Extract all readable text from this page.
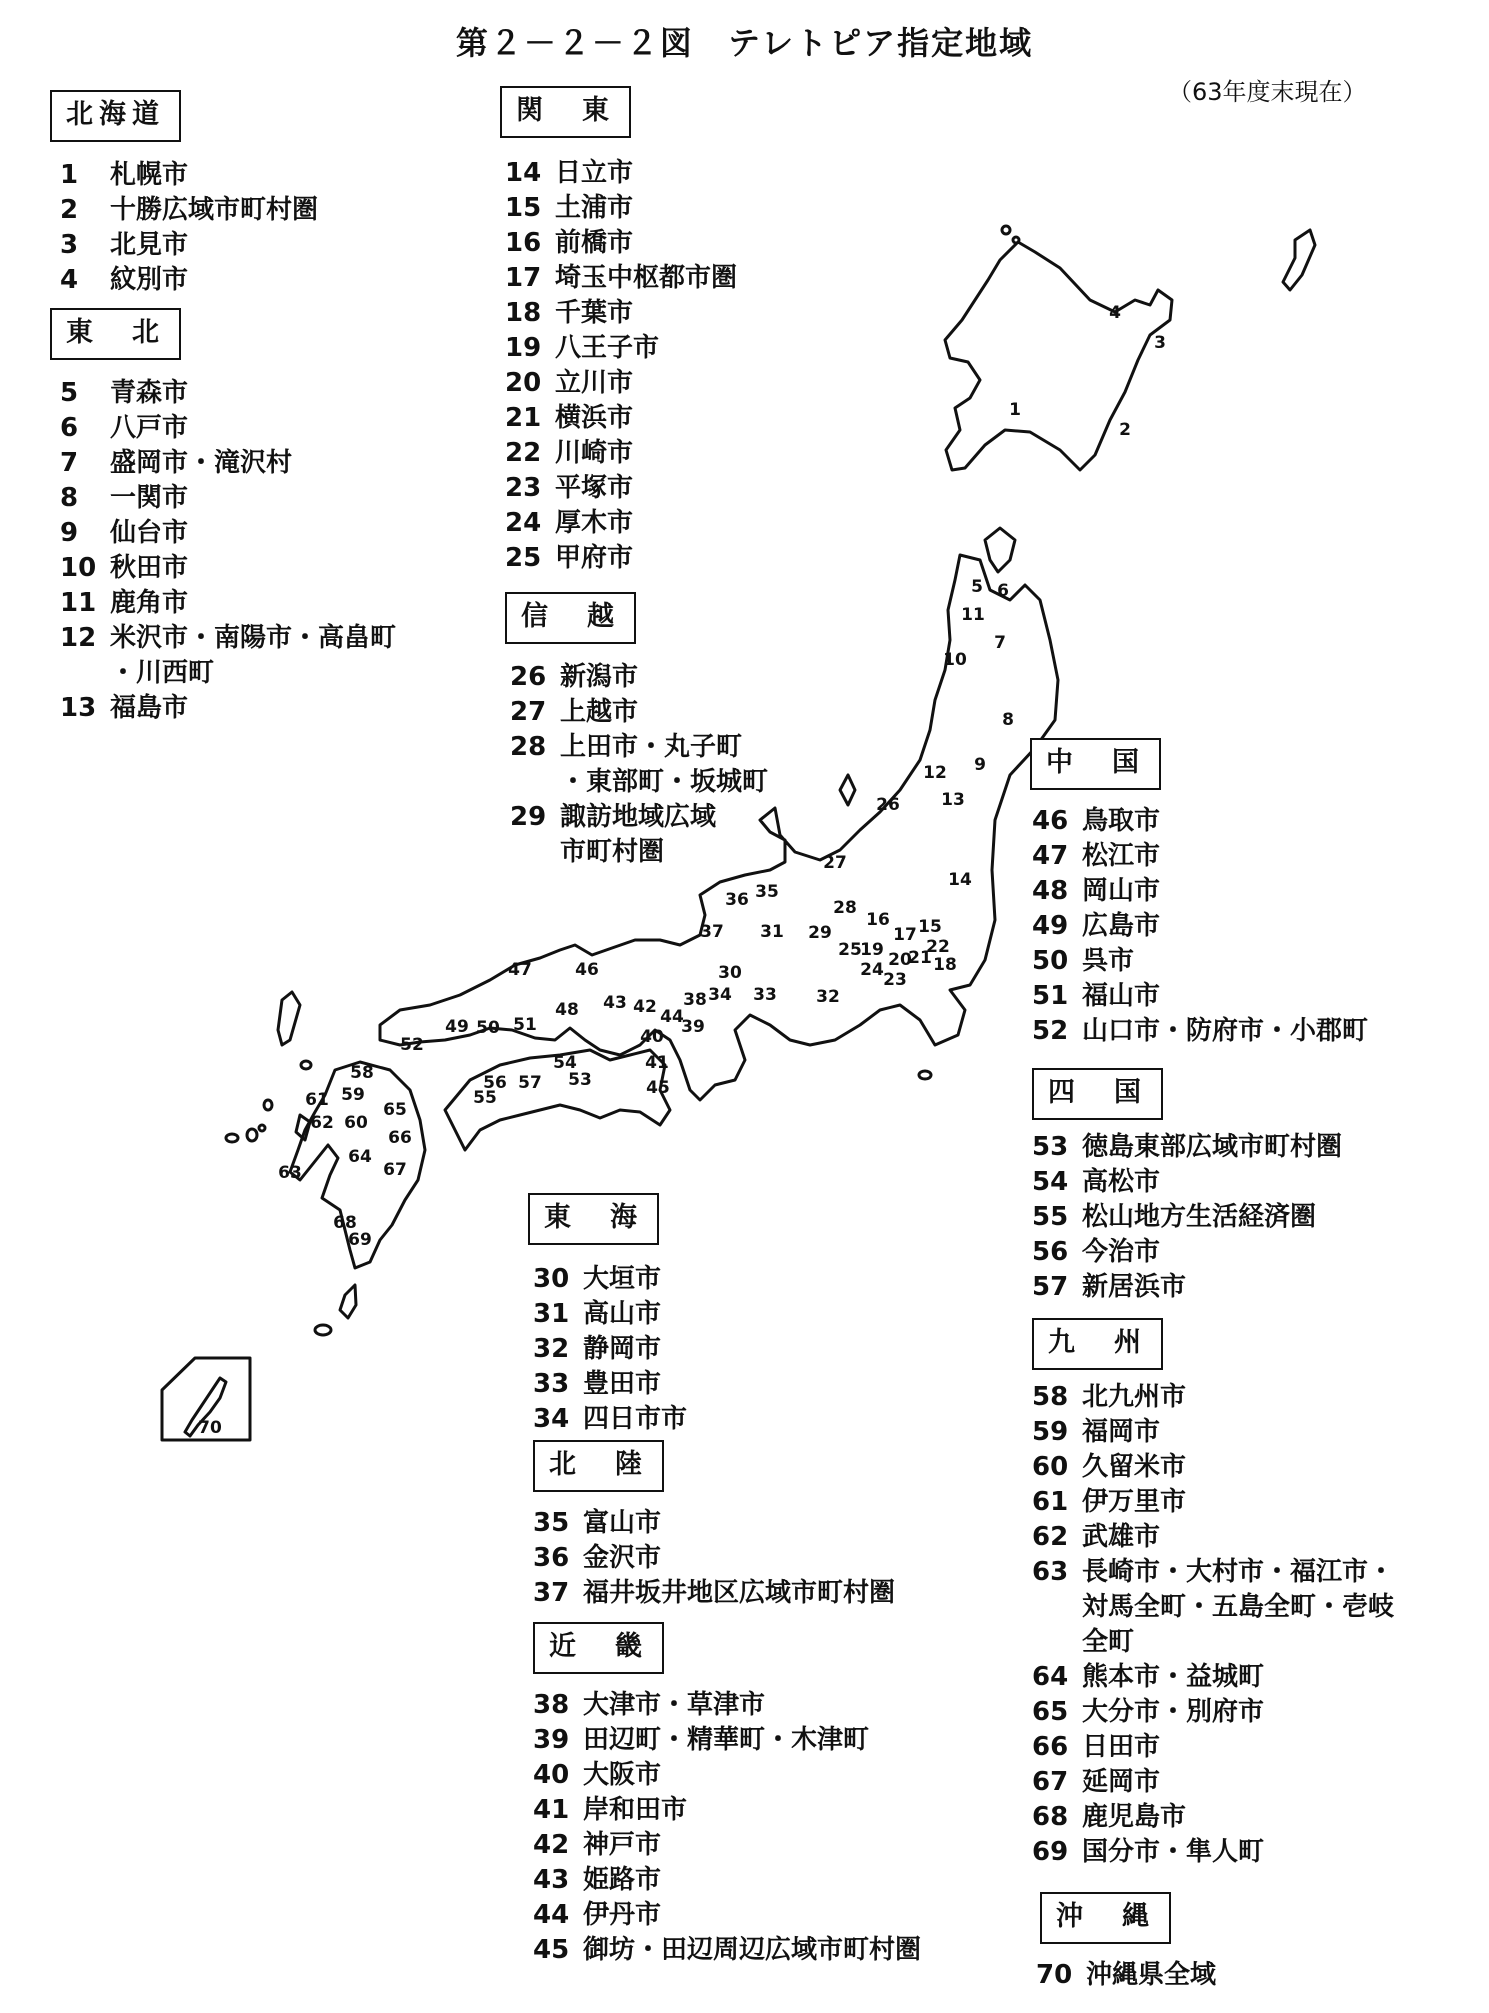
第２－２－２図　テレトピア指定地域
（63年度末現在）
1
2
3
4
5 6
7
8
9
10
11
12
13
14
15
16
17
18
19 20
21
22
23
24
25
26
27
28
29
30
31
32
33
34
35
36
37
38
39
40
41
42
43
44
45
46
47
48
49 50 51
52
53
54
55
56 57
58
59
60
61
62
63
64
65
66
67
68
69
70
北海道
1	札幌市
2	十勝広域市町村圏
3	北見市
4	紋別市
東　北
5	青森市
6	八戸市
7	盛岡市・滝沢村
8	一関市
9	仙台市
10 秋田市
11 鹿角市
12 米沢市・南陽市・高畠町
・川西町
13 福島市
関　東
14 日立市
15 土浦市
16 前橋市
17 埼玉中枢都市圏
18 千葉市
19 八王子市
20 立川市
21 横浜市
22 川崎市
23 平塚市
24 厚木市
25 甲府市
信　越
26 新潟市
27 上越市
28 上田市・丸子町
・東部町・坂城町
29 諏訪地域広域
市町村圏
東　海
30 大垣市
31 高山市
32 静岡市
33 豊田市
34 四日市市
北　陸
35 富山市
36 金沢市
37 福井坂井地区広域市町村圏
近　畿
38 大津市・草津市
39 田辺町・精華町・木津町
40 大阪市
41 岸和田市
42 神戸市
43 姫路市
44 伊丹市
45 御坊・田辺周辺広域市町村圏
中　国
46 鳥取市
47 松江市
48 岡山市
49 広島市
50 呉市
51 福山市
52 山口市・防府市・小郡町
四　国
53 徳島東部広域市町村圏
54 高松市
55 松山地方生活経済圏
56 今治市
57 新居浜市
九　州
58 北九州市
59 福岡市
60 久留米市
61 伊万里市
62 武雄市
63 長崎市・大村市・福江市・
対馬全町・五島全町・壱岐
全町
64 熊本市・益城町
65 大分市・別府市
66 日田市
67 延岡市
68 鹿児島市
69 国分市・隼人町
沖　縄
70 沖縄県全域
